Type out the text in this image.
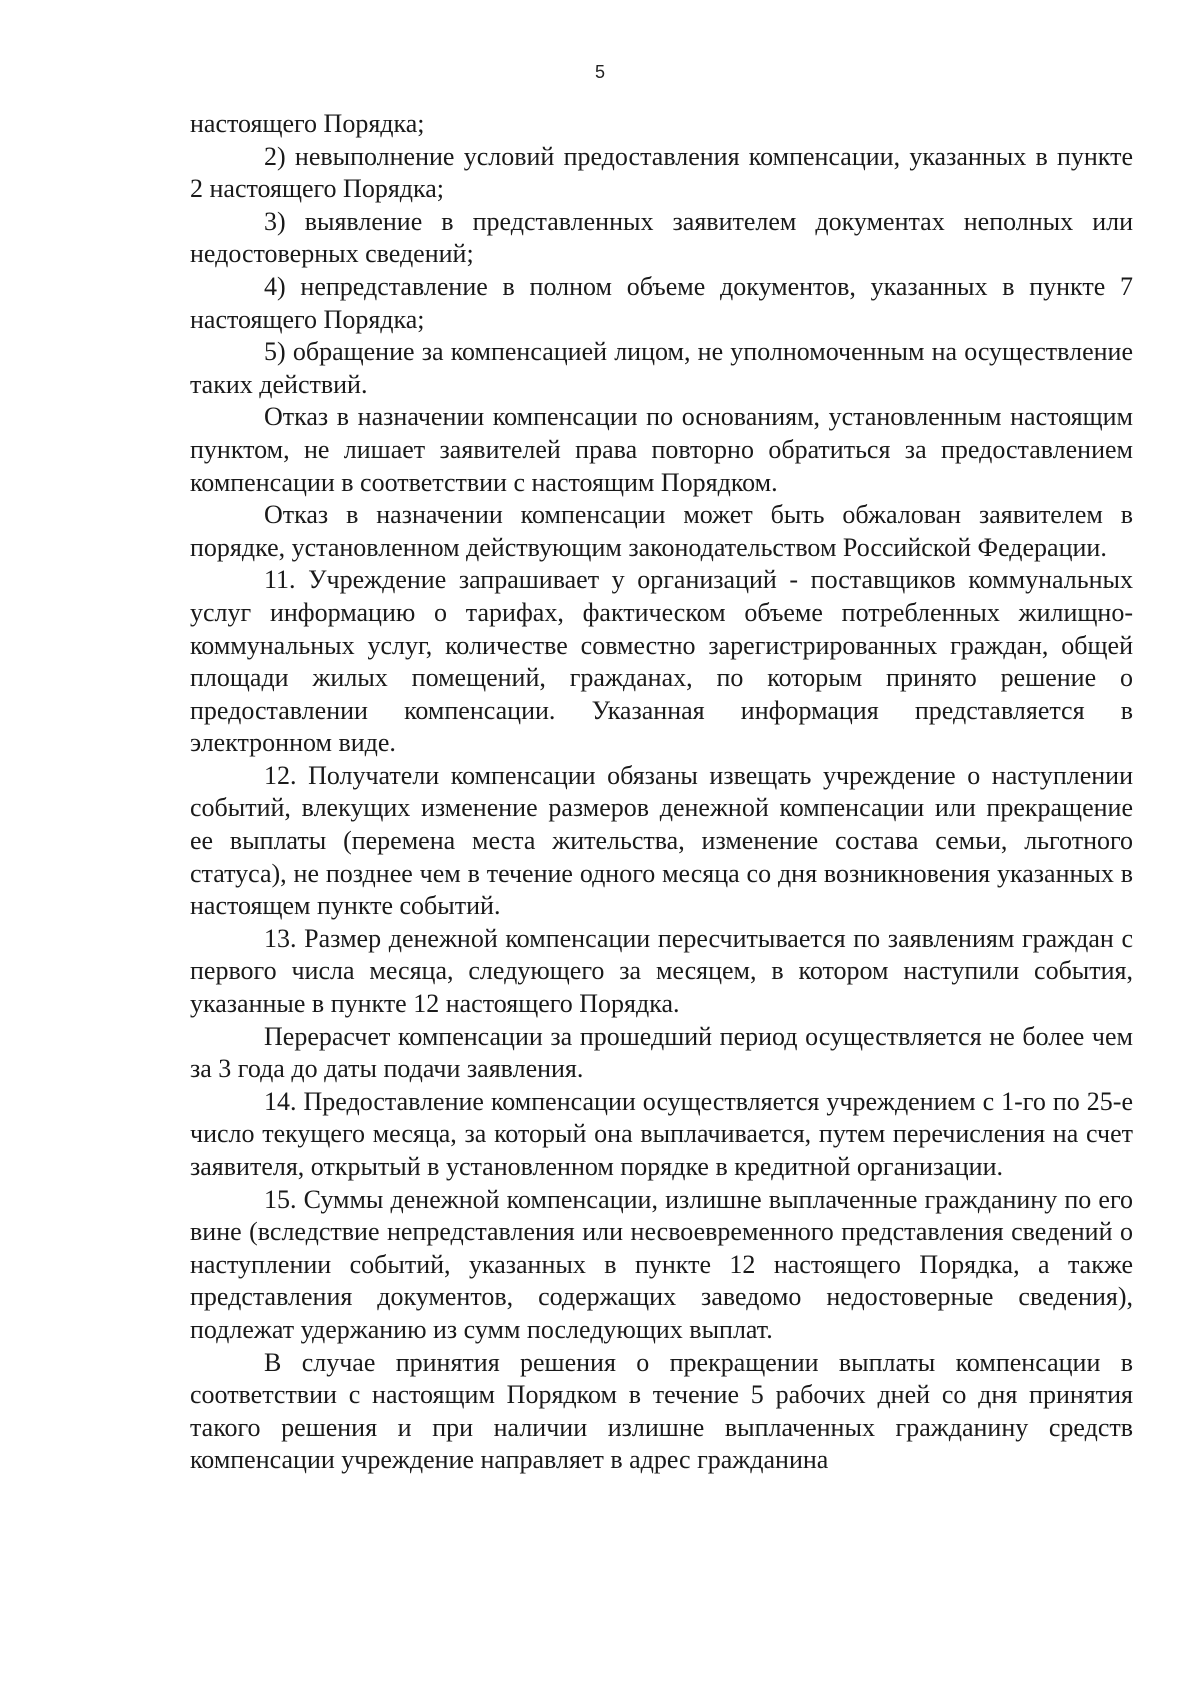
5

настоящего Порядка;

2) невыполнение условий предоставления компенсации, указанных в пункте 2 настоящего Порядка;

3) выявление в представленных заявителем документах неполных или недостоверных сведений;

4) непредставление в полном объеме документов, указанных в пункте 7 настоящего Порядка;

5) обращение за компенсацией лицом, не уполномоченным на осуществление таких действий.

Отказ в назначении компенсации по основаниям, установленным настоящим пунктом, не лишает заявителей права повторно обратиться за предоставлением компенсации в соответствии с настоящим Порядком.

Отказ в назначении компенсации может быть обжалован заявителем в порядке, установленном действующим законодательством Российской Федерации.

11. Учреждение запрашивает у организаций - поставщиков коммунальных услуг информацию о тарифах, фактическом объеме потребленных жилищно-коммунальных услуг, количестве совместно зарегистрированных граждан, общей площади жилых помещений, гражданах, по которым принято решение о предоставлении компенсации. Указанная информация представляется в электронном виде.

12. Получатели компенсации обязаны извещать учреждение о наступлении событий, влекущих изменение размеров денежной компенсации или прекращение ее выплаты (перемена места жительства, изменение состава семьи, льготного статуса), не позднее чем в течение одного месяца со дня возникновения указанных в настоящем пункте событий.

13. Размер денежной компенсации пересчитывается по заявлениям граждан с первого числа месяца, следующего за месяцем, в котором наступили события, указанные в пункте 12 настоящего Порядка.

Перерасчет компенсации за прошедший период осуществляется не более чем за 3 года до даты подачи заявления.

14. Предоставление компенсации осуществляется учреждением с 1-го по 25-е число текущего месяца, за который она выплачивается, путем перечисления на счет заявителя, открытый в установленном порядке в кредитной организации.

15. Суммы денежной компенсации, излишне выплаченные гражданину по его вине (вследствие непредставления или несвоевременного представления сведений о наступлении событий, указанных в пункте 12 настоящего Порядка, а также представления документов, содержащих заведомо недостоверные сведения), подлежат удержанию из сумм последующих выплат.

В случае принятия решения о прекращении выплаты компенсации в соответствии с настоящим Порядком в течение 5 рабочих дней со дня принятия такого решения и при наличии излишне выплаченных гражданину средств компенсации учреждение направляет в адрес гражданина
